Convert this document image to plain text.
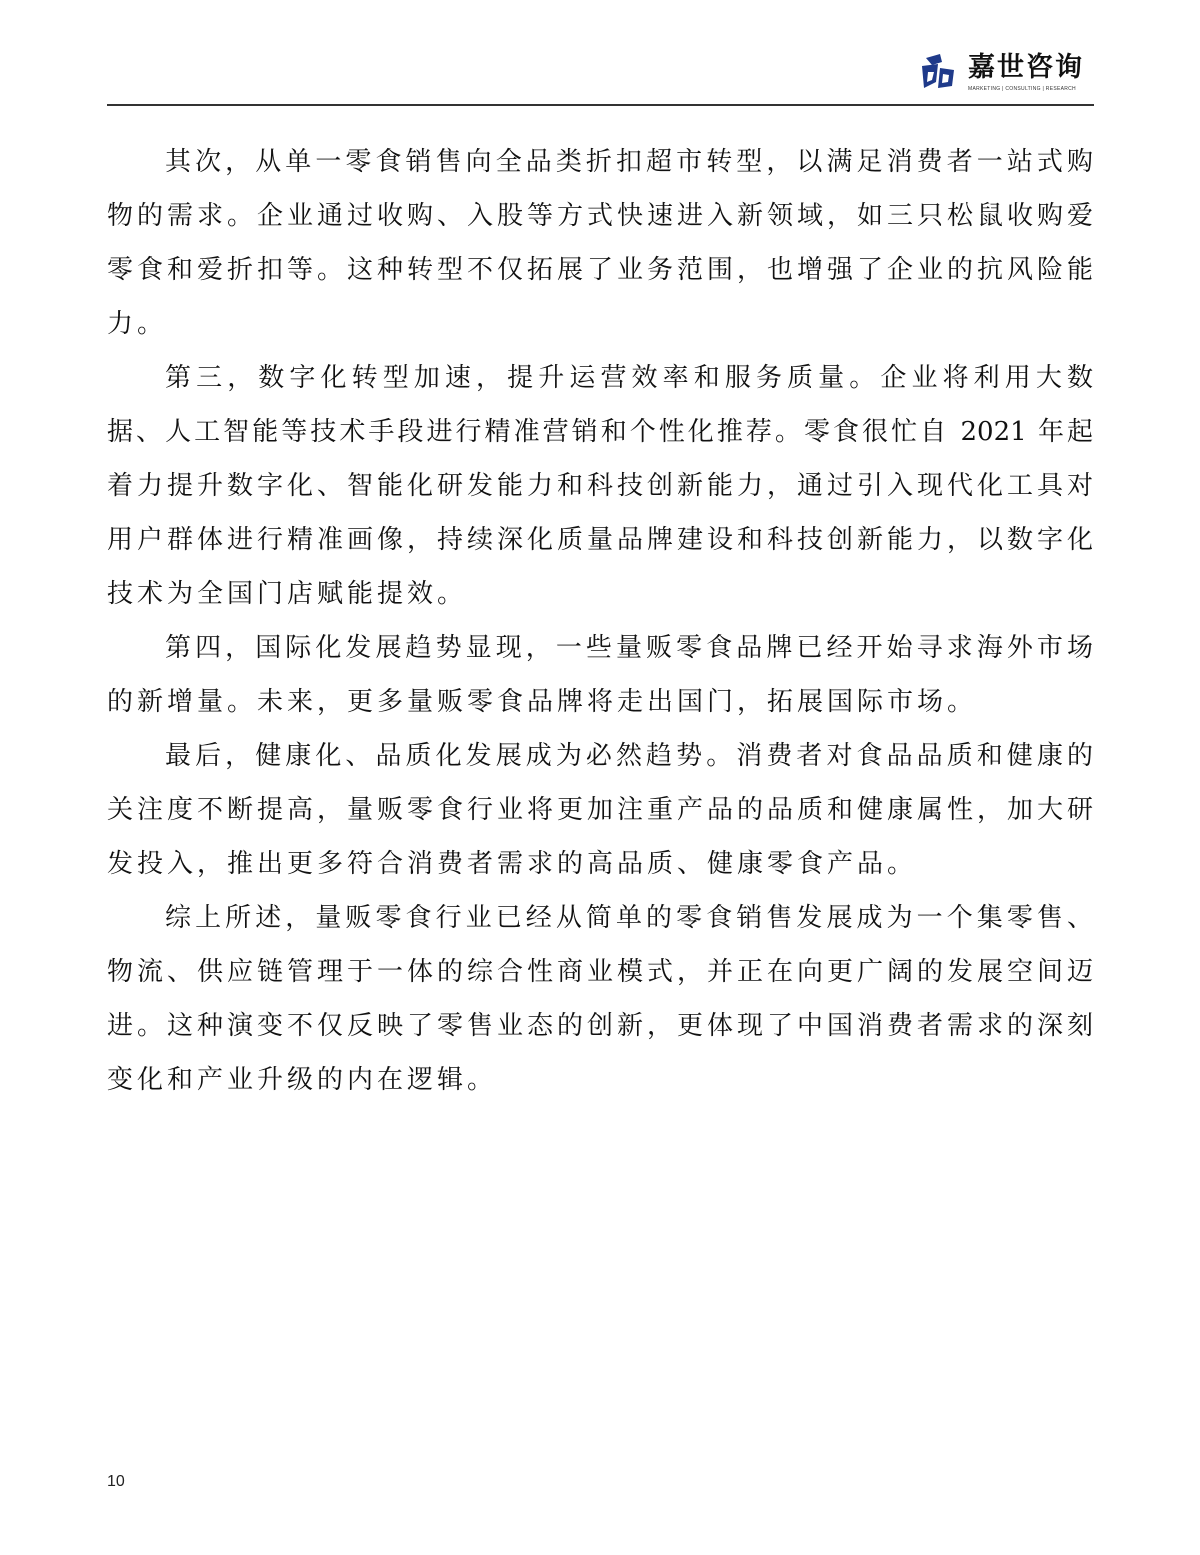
嘉世咨询
MARKETING | CONSULTING | RESEARCH
其次，从单一零食销售向全品类折扣超市转型，以满足消费者一站式购
物的需求。企业通过收购、入股等方式快速进入新领域，如三只松鼠收购爱
零食和爱折扣等。这种转型不仅拓展了业务范围，也增强了企业的抗风险能
力。
第三，数字化转型加速，提升运营效率和服务质量。企业将利用大数
据、人工智能等技术手段进行精准营销和个性化推荐。零食很忙自 2021 年起
着力提升数字化、智能化研发能力和科技创新能力，通过引入现代化工具对
用户群体进行精准画像，持续深化质量品牌建设和科技创新能力，以数字化
技术为全国门店赋能提效。
第四，国际化发展趋势显现，一些量贩零食品牌已经开始寻求海外市场
的新增量。未来，更多量贩零食品牌将走出国门，拓展国际市场。
最后，健康化、品质化发展成为必然趋势。消费者对食品品质和健康的
关注度不断提高，量贩零食行业将更加注重产品的品质和健康属性，加大研
发投入，推出更多符合消费者需求的高品质、健康零食产品。
综上所述，量贩零食行业已经从简单的零食销售发展成为一个集零售、
物流、供应链管理于一体的综合性商业模式，并正在向更广阔的发展空间迈
进。这种演变不仅反映了零售业态的创新，更体现了中国消费者需求的深刻
变化和产业升级的内在逻辑。
10
